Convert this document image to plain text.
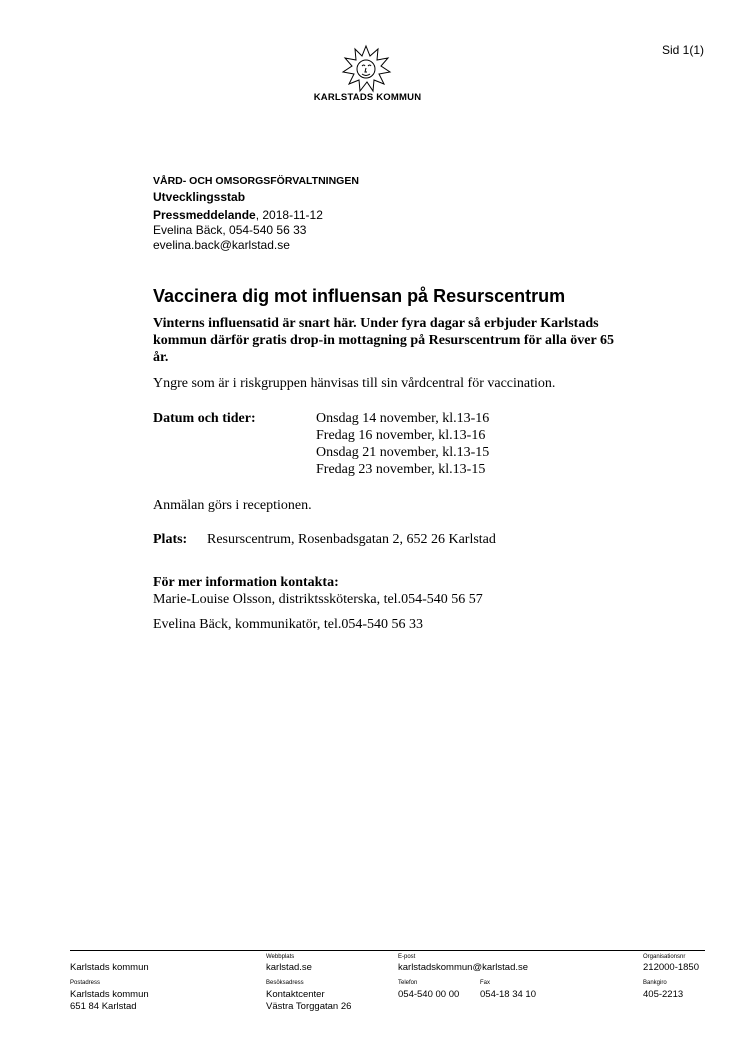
Sid 1(1)
KARLSTADS KOMMUN
VÅRD- OCH OMSORGSFÖRVALTNINGEN
Utvecklingsstab
Pressmeddelande, 2018-11-12
Evelina Bäck, 054-540 56 33
evelina.back@karlstad.se
Vaccinera dig mot influensan på Resurscentrum
Vinterns influensatid är snart här. Under fyra dagar så erbjuder Karlstads kommun därför gratis drop-in mottagning på Resurscentrum för alla över 65 år.
Yngre som är i riskgruppen hänvisas till sin vårdcentral för vaccination.
Datum och tider:	Onsdag 14 november, kl.13-16
Fredag 16 november, kl.13-16
Onsdag 21 november, kl.13-15
Fredag 23 november, kl.13-15
Anmälan görs i receptionen.
Plats: Resurscentrum, Rosenbadsgatan 2, 652 26 Karlstad
För mer information kontakta:
Marie-Louise Olsson, distriktssköterska, tel.054-540 56 57
Evelina Bäck, kommunikatör, tel.054-540 56 33
Karlstads kommun
Webbplats
karlstad.se
E-post
karlstadskommun@karlstad.se
Organisationsnr
212000-1850
Postadress
Karlstads kommun
651 84 Karlstad
Besöksadress
Kontaktcenter
Västra Torggatan 26
Telefon
054-540 00 00
Fax
054-18 34 10
Bankgiro
405-2213
